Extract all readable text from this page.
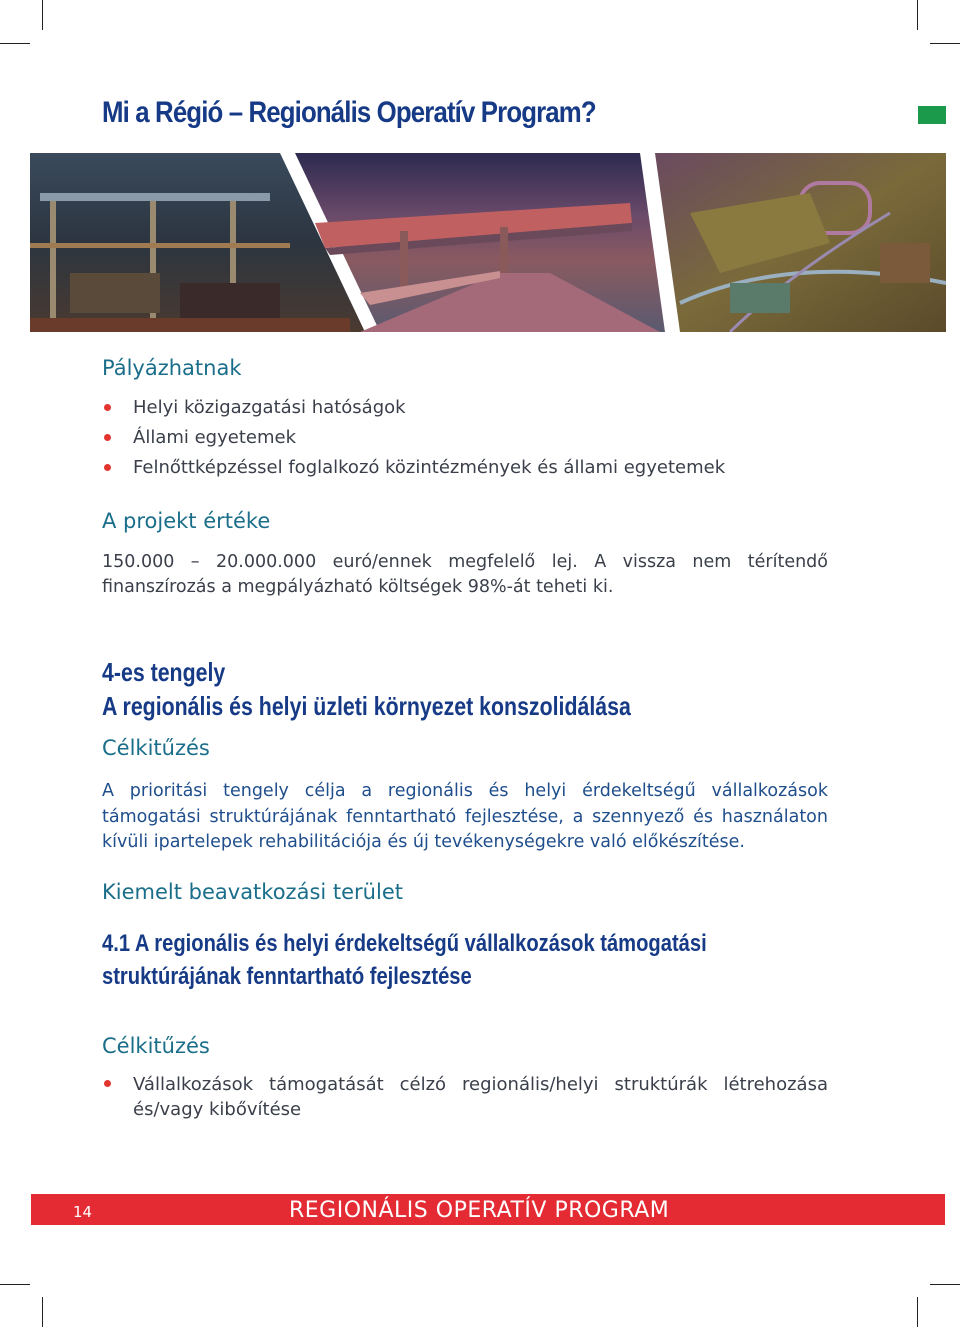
Mi a Régió – Regionális Operatív Program?
Pályázhatnak
Helyi közigazgatási hatóságok
Állami egyetemek
Felnőttképzéssel foglalkozó közintézmények és állami egyetemek
A projekt értéke

150.000 – 20.000.000 euró/ennek megfelelő lej. A vissza nem térítendő finanszírozás a megpályázható költségek 98%-át teheti ki.

4-es tengely
A regionális és helyi üzleti környezet konszolidálása
Célkitűzés

A prioritási tengely célja a regionális és helyi érdekeltségű vállalkozások támogatási struktúrájának fenntartható fejlesztése, a szennyező és használaton kívüli ipartelepek rehabilitációja és új tevékenységekre való előkészítése.

Kiemelt beavatkozási terület
4.1 A regionális és helyi érdekeltségű vállalkozások támogatási struktúrájának fenntartható fejlesztése
Célkitűzés
Vállalkozások támogatását célzó regionális/helyi struktúrák létrehozása és/vagy kibővítése
14	REGIONÁLIS OPERATÍV PROGRAM
